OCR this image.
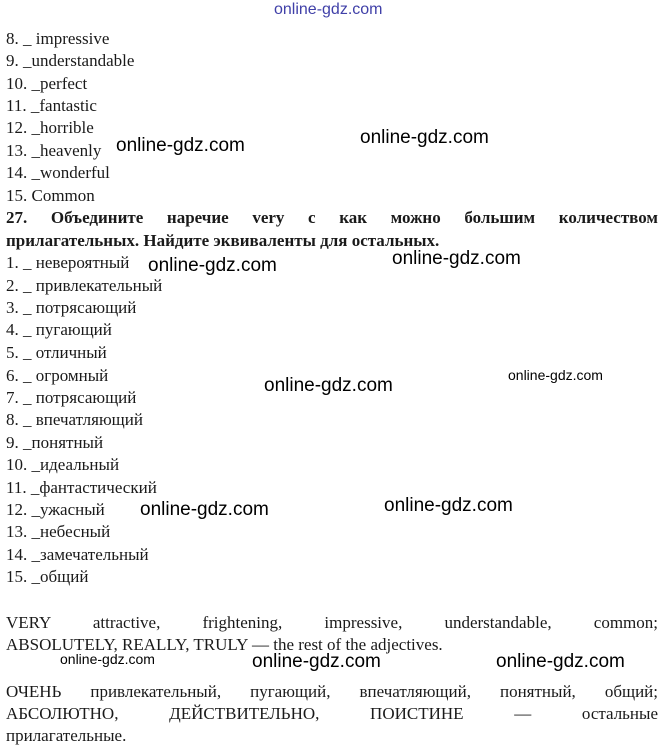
online-gdz.com
8. _ impressive
9. _understandable
10. _perfect
11. _fantastic
12. _horrible
13. _heavenly
14. _wonderful
15. Common
27. Объедините наречие very с как можно большим количеством
прилагательных. Найдите эквиваленты для остальных.
1. _ невероятный
2. _ привлекательный
3. _ потрясающий
4. _ пугающий
5. _ отличный
6. _ огромный
7. _ потрясающий
8. _ впечатляющий
9. _понятный
10. _идеальный
11. _фантастический
12. _ужасный
13. _небесный
14. _замечательный
15. _общий
VERY attractive, frightening, impressive, understandable, common;
ABSOLUTELY, REALLY, TRULY — the rest of the adjectives.
ОЧЕНЬ привлекательный, пугающий, впечатляющий, понятный, общий;
АБСОЛЮТНО, ДЕЙСТВИТЕЛЬНО, ПОИСТИНЕ — остальные
прилагательные.
online-gdz.com	online-gdz.com
online-gdz.com	online-gdz.com
online-gdz.com	online-gdz.com
online-gdz.com	online-gdz.com
online-gdz.com	online-gdz.com	online-gdz.com
